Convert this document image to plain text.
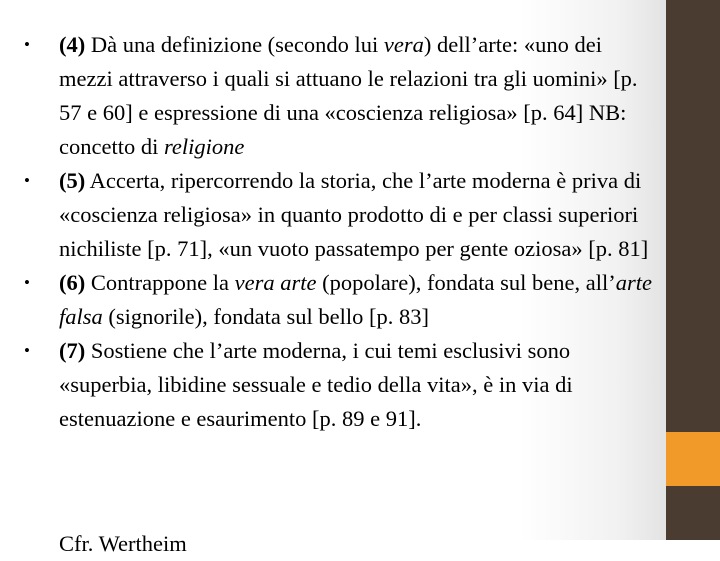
• (4) Dà una definizione (secondo lui vera) dell’arte: «uno dei mezzi attraverso i quali si attuano le relazioni tra gli uomini» [p. 57 e 60] e espressione di una «coscienza religiosa» [p. 64] NB: concetto di religione
• (5) Accerta, ripercorrendo la storia, che l’arte moderna è priva di «coscienza religiosa» in quanto prodotto di e per classi superiori nichiliste [p. 71], «un vuoto passatempo per gente oziosa» [p. 81]
• (6) Contrappone la vera arte (popolare), fondata sul bene, all’arte falsa (signorile), fondata sul bello [p. 83]
• (7) Sostiene che l’arte moderna, i cui temi esclusivi sono «superbia, libidine sessuale e tedio della vita», è in via di estenuazione e esaurimento [p. 89 e 91].
Cfr. Wertheim
